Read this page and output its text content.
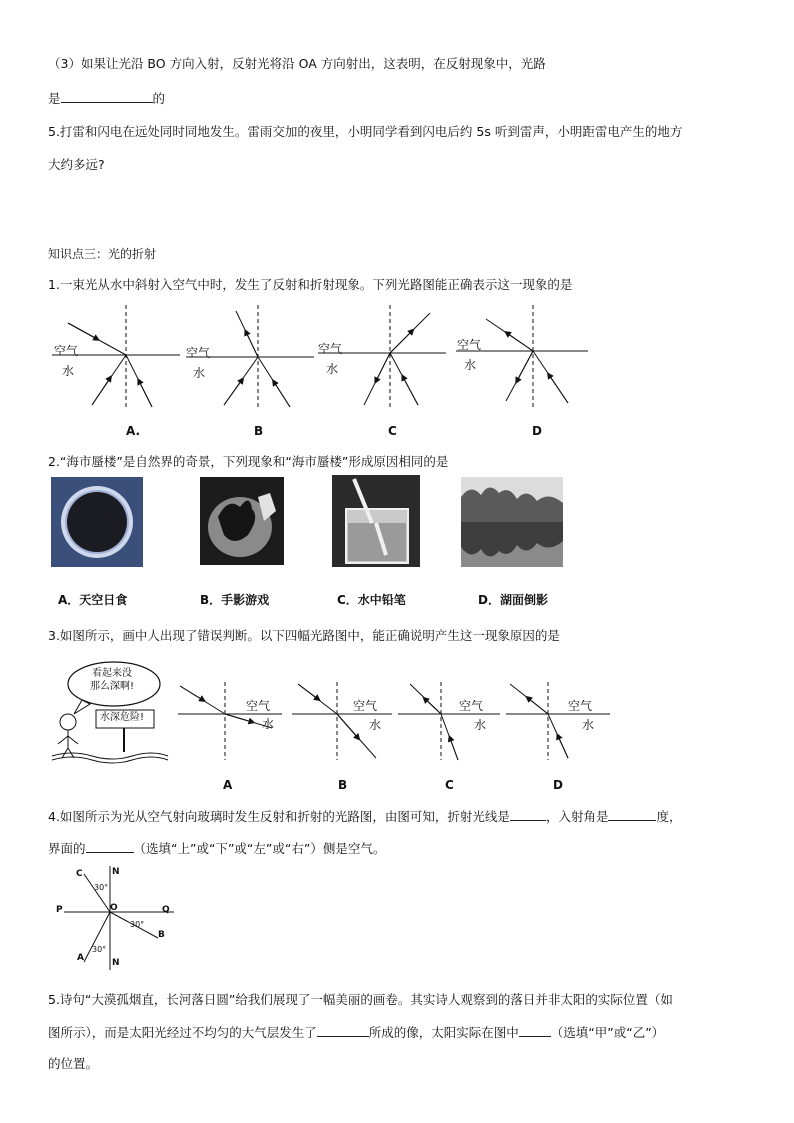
（3）如果让光沿 BO 方向入射，反射光将沿 OA 方向射出，这表明，在反射现象中，光路
是	的
5.打雷和闪电在远处同时同地发生。雷雨交加的夜里，小明同学看到闪电后约 5s 听到雷声，小明距雷电产生的地方
大约多远?
知识点三：光的折射
1.一束光从水中斜射入空气中时，发生了反射和折射现象。下列光路图能正确表示这一现象的是
空气
水
空气
水
空气
水
空气
水
A.	B	C	D
2.“海市蜃楼”是自然界的奇景，下列现象和“海市蜃楼”形成原因相同的是
A．天空日食	B．手影游戏	C．水中铅笔	D．湖面倒影
3.如图所示，画中人出现了错误判断。以下四幅光路图中，能正确说明产生这一现象原因的是
看起来没
那么深啊!
水深危险!
空气
水
空气
水
空气
水
空气
水
A	B	C	D
4.如图所示为光从空气射向玻璃时发生反射和折射的光路图，由图可知，折射光线是	，入射角是	度，
界面的	（选填“上”或“下”或“左”或“右”）侧是空气。
C	N
30°
P	O	Q
30°
B
30°
A	N
5.诗句“大漠孤烟直，长河落日圆”给我们展现了一幅美丽的画卷。其实诗人观察到的落日并非太阳的实际位置（如
图所示），而是太阳光经过不均匀的大气层发生了	所成的像，太阳实际在图中	（选填“甲”或“乙”）
的位置。
